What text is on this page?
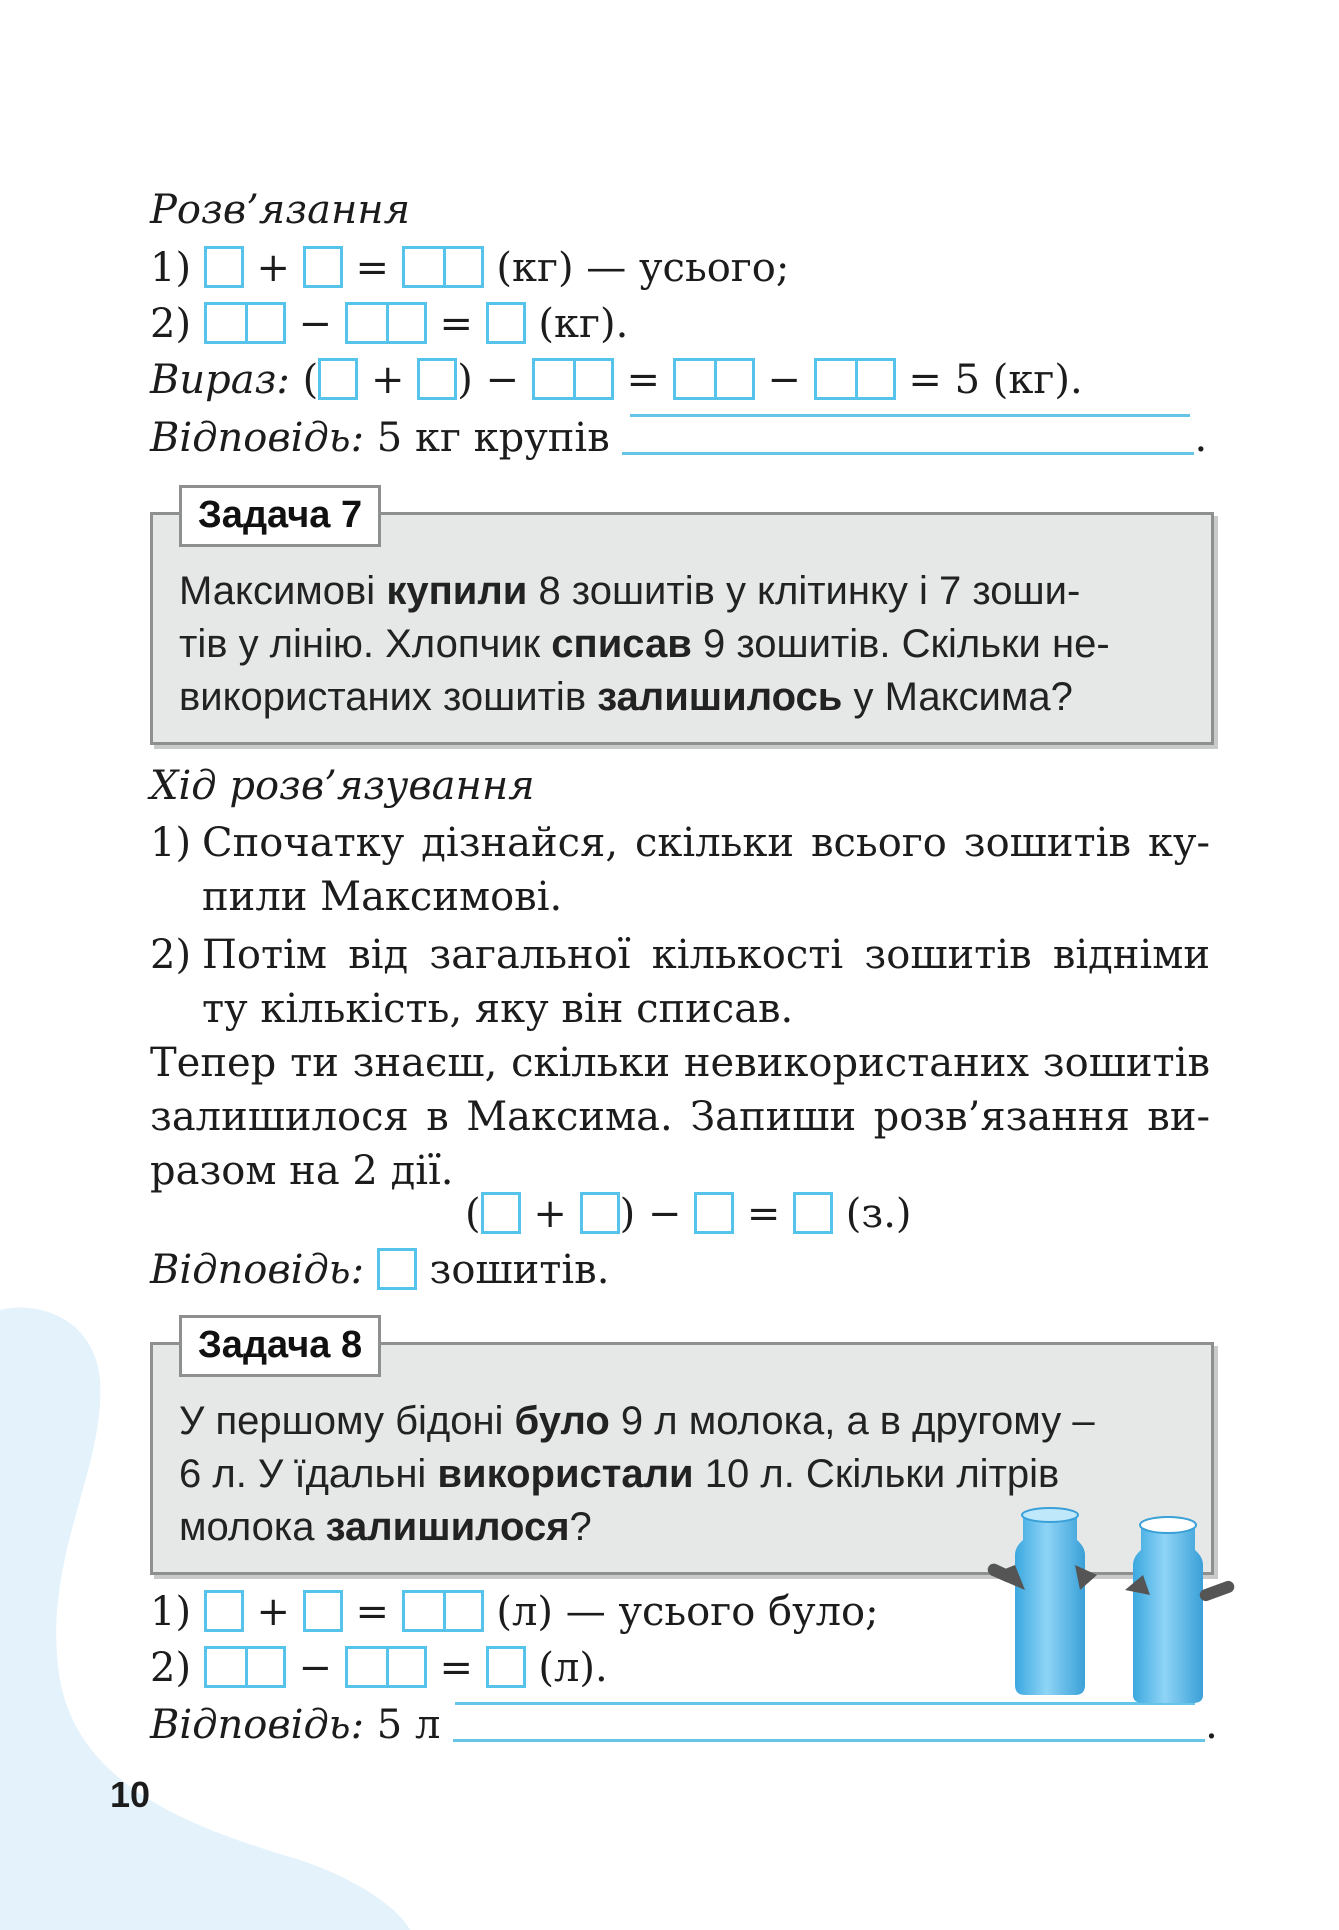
Розв’язання
1) + =	(кг) — усього;
2)	−	= (кг).
Вираз: ( + ) −	=	−	= 5 (кг).
Відповідь: 5 кг крупів	.
Задача 7
Максимові купили 8 зошитів у клітинку і 7 зоши-
тів у лінію. Хлопчик списав 9 зошитів. Скільки не-
використаних зошитів залишилось у Максима?
Хід розв’язування
1) Спочатку дізнайся, скільки всього зошитів ку-
пили Максимові.
2) Потім від загальної кількості зошитів відніми
ту кількість, яку він списав.
Тепер ти знаєш, скільки невикористаних зошитів
залишилося в Максима. Запиши розв’язання ви-
разом на 2 дії.
( + ) − = (з.)
Відповідь: зошитів.
Задача 8
У першому бідоні було 9 л молока, а в другому –
6 л. У їдальні використали 10 л. Скільки літрів
молока залишилося?
1) + =	(л) — усього було;
2)	−	= (л).
Відповідь: 5 л	.
10
